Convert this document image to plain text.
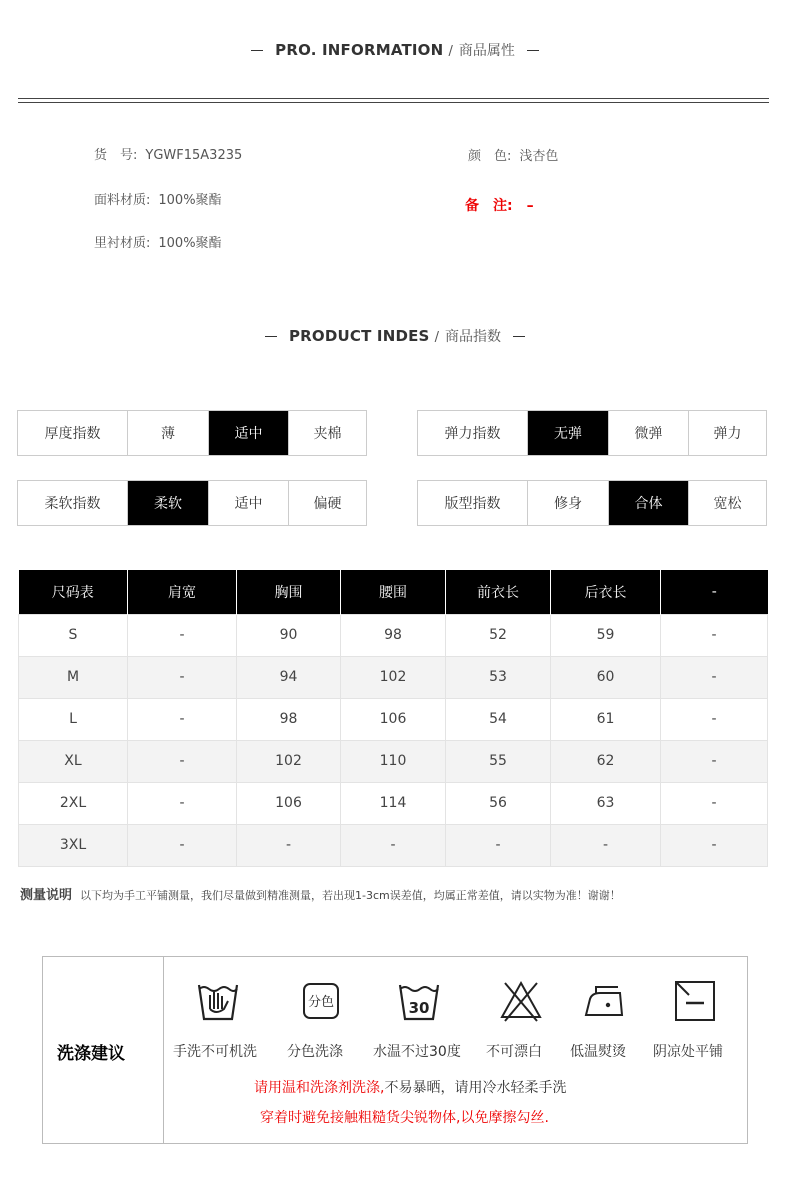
PRO. INFORMATION / 商品属性
货　号: YGWF15A3235
面料材质: 100%聚酯
里衬材质: 100%聚酯
颜　色: 浅杏色
备　注: –
PRODUCT INDES / 商品指数
厚度指数	薄	适中	夹棉	弹力指数	无弹	微弹	弹力
柔软指数	柔软	适中	偏硬	版型指数	修身	合体	宽松
尺码表	肩宽	胸围	腰围	前衣长	后衣长	-
S	-	90	98	52	59	-
M	-	94	102	53	60	-
L	-	98	106	54	61	-
XL	-	102	110	55	62	-
2XL	-	106	114	56	63	-
3XL	-	-	-	-	-	-
测量说明 以下均为手工平铺测量，我们尽量做到精准测量，若出现1-3cm误差值，均属正常差值，请以实物为准！谢谢！
洗涤建议
分色	30
手洗不可机洗 分色洗涤 水温不过30度 不可漂白 低温熨烫 阴凉处平铺
请用温和洗涤剂洗涤,不易暴晒，请用冷水轻柔手洗
穿着时避免接触粗糙货尖锐物体,以免摩擦勾丝.
